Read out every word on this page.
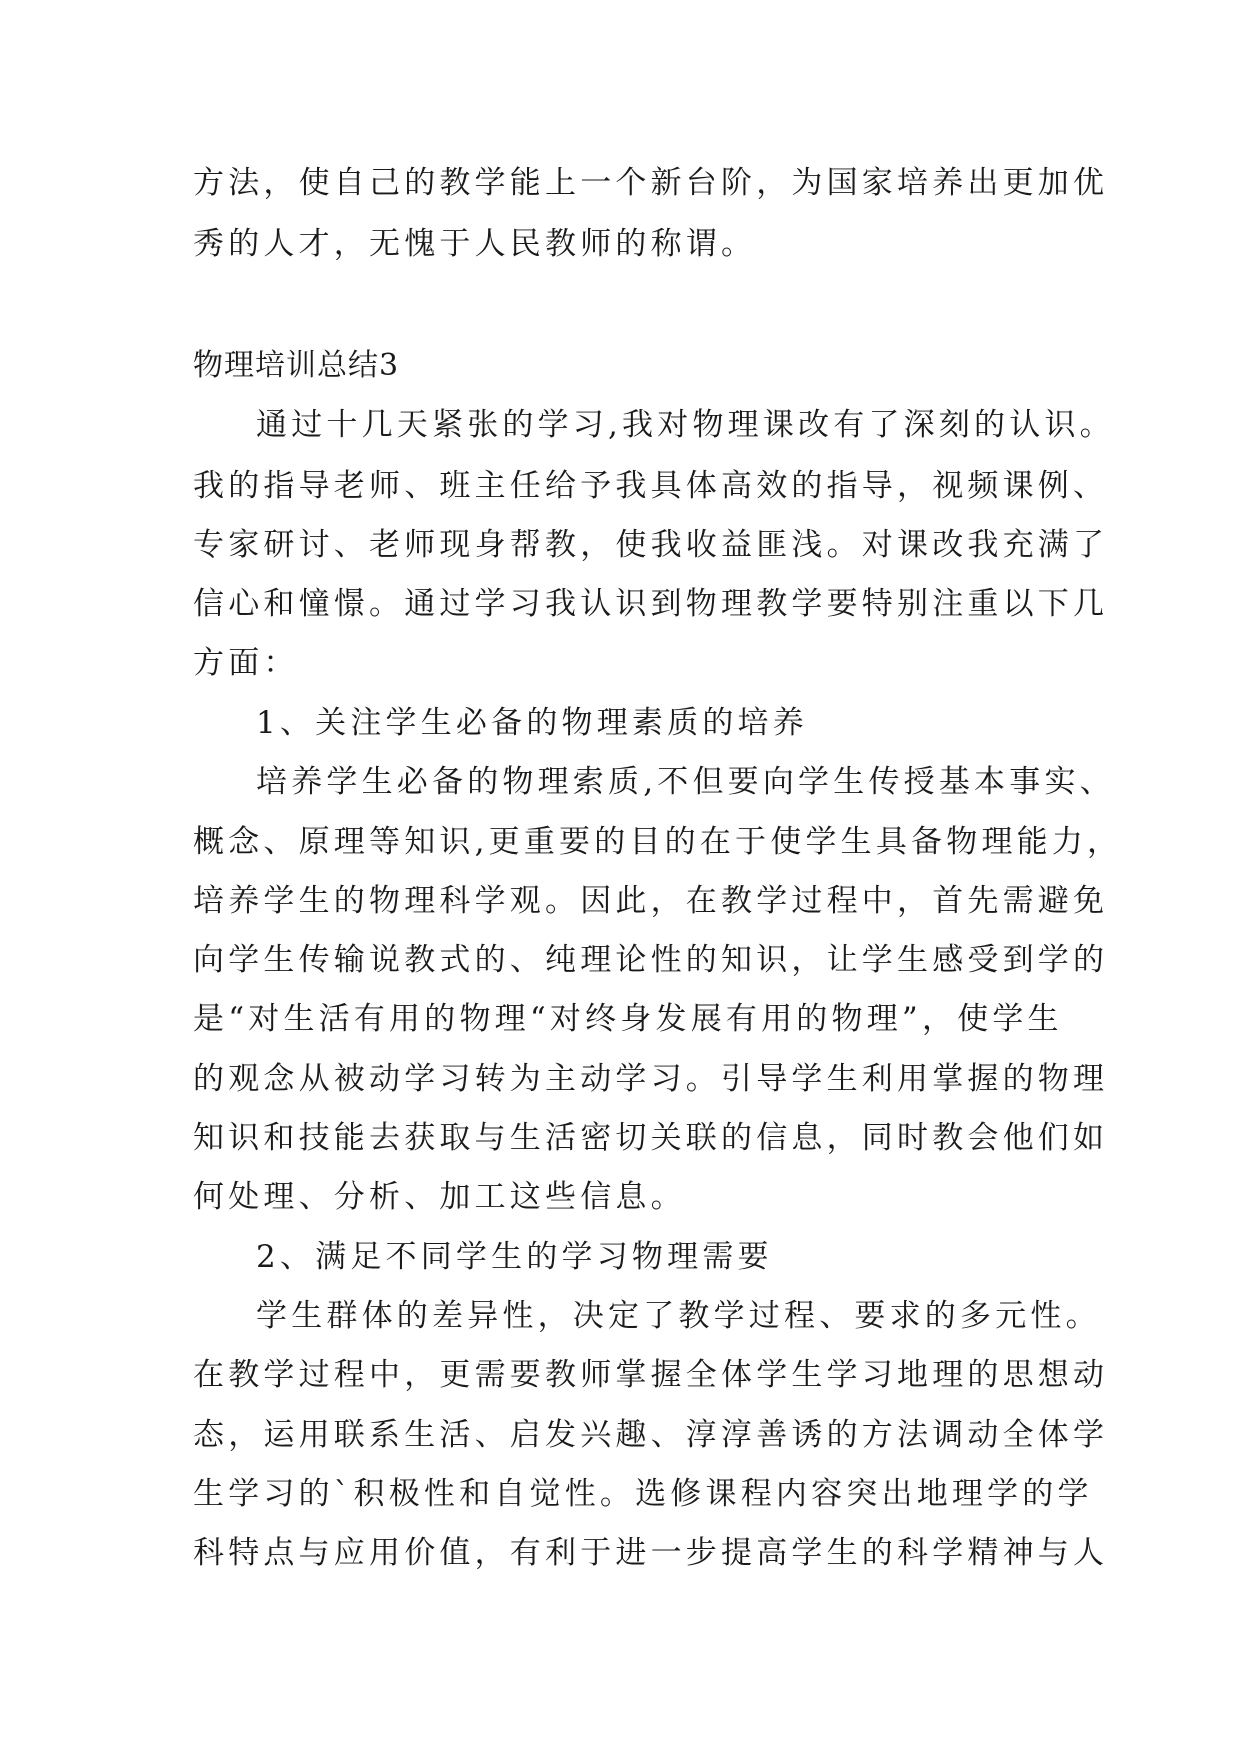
方法，使自己的教学能上一个新台阶，为国家培养出更加优
秀的人才，无愧于人民教师的称谓。
物理培训总结3
通过十几天紧张的学习,我对物理课改有了深刻的认识。
我的指导老师、班主任给予我具体高效的指导，视频课例、
专家研讨、老师现身帮教，使我收益匪浅。对课改我充满了
信心和憧憬。通过学习我认识到物理教学要特别注重以下几
方面：
1、关注学生必备的物理素质的培养
培养学生必备的物理索质,不但要向学生传授基本事实、
概念、原理等知识,更重要的目的在于使学生具备物理能力，
培养学生的物理科学观。因此，在教学过程中，首先需避免
向学生传输说教式的、纯理论性的知识，让学生感受到学的
是“对生活有用的物理“对终身发展有用的物理”，使学生
的观念从被动学习转为主动学习。引导学生利用掌握的物理
知识和技能去获取与生活密切关联的信息，同时教会他们如
何处理、分析、加工这些信息。
2、满足不同学生的学习物理需要
学生群体的差异性，决定了教学过程、要求的多元性。
在教学过程中，更需要教师掌握全体学生学习地理的思想动
态，运用联系生活、启发兴趣、淳淳善诱的方法调动全体学
生学习的`积极性和自觉性。选修课程内容突出地理学的学
科特点与应用价值，有利于进一步提高学生的科学精神与人
